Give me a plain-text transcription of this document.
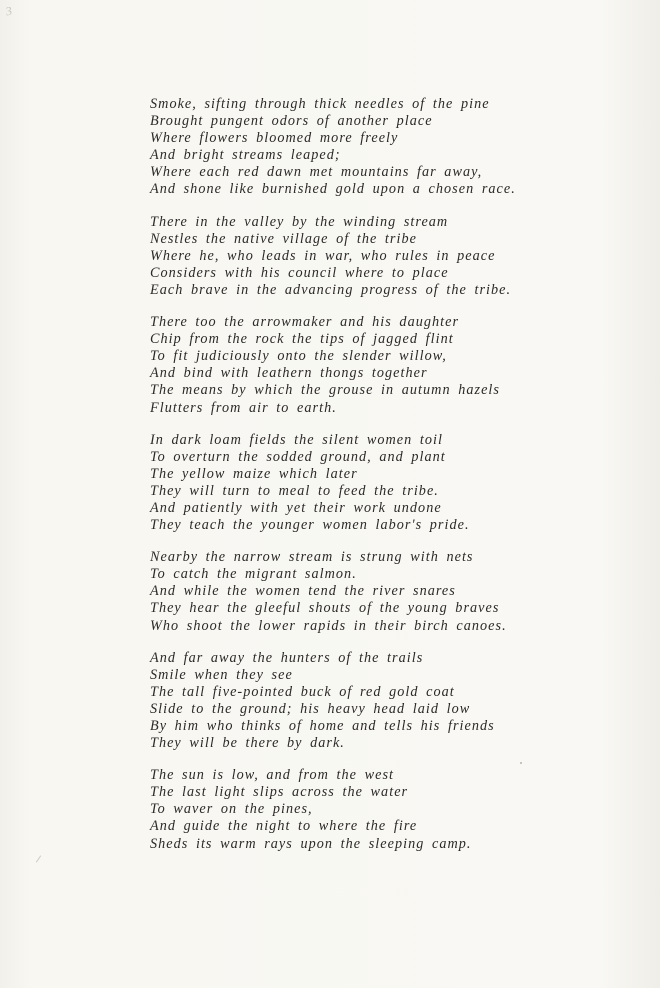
3
Smoke, sifting through thick needles of the pine
Brought pungent odors of another place
Where flowers bloomed more freely
And bright streams leaped;
Where each red dawn met mountains far away,
And shone like burnished gold upon a chosen race.
There in the valley by the winding stream
Nestles the native village of the tribe
Where he, who leads in war, who rules in peace
Considers with his council where to place
Each brave in the advancing progress of the tribe.
There too the arrowmaker and his daughter
Chip from the rock the tips of jagged flint
To fit judiciously onto the slender willow,
And bind with leathern thongs together
The means by which the grouse in autumn hazels
Flutters from air to earth.
In dark loam fields the silent women toil
To overturn the sodded ground, and plant
The yellow maize which later
They will turn to meal to feed the tribe.
And patiently with yet their work undone
They teach the younger women labor's pride.
Nearby the narrow stream is strung with nets
To catch the migrant salmon.
And while the women tend the river snares
They hear the gleeful shouts of the young braves
Who shoot the lower rapids in their birch canoes.
And far away the hunters of the trails
Smile when they see
The tall five-pointed buck of red gold coat
Slide to the ground; his heavy head laid low
By him who thinks of home and tells his friends
They will be there by dark.
The sun is low, and from the west
The last light slips across the water
To waver on the pines,
And guide the night to where the fire
Sheds its warm rays upon the sleeping camp.
